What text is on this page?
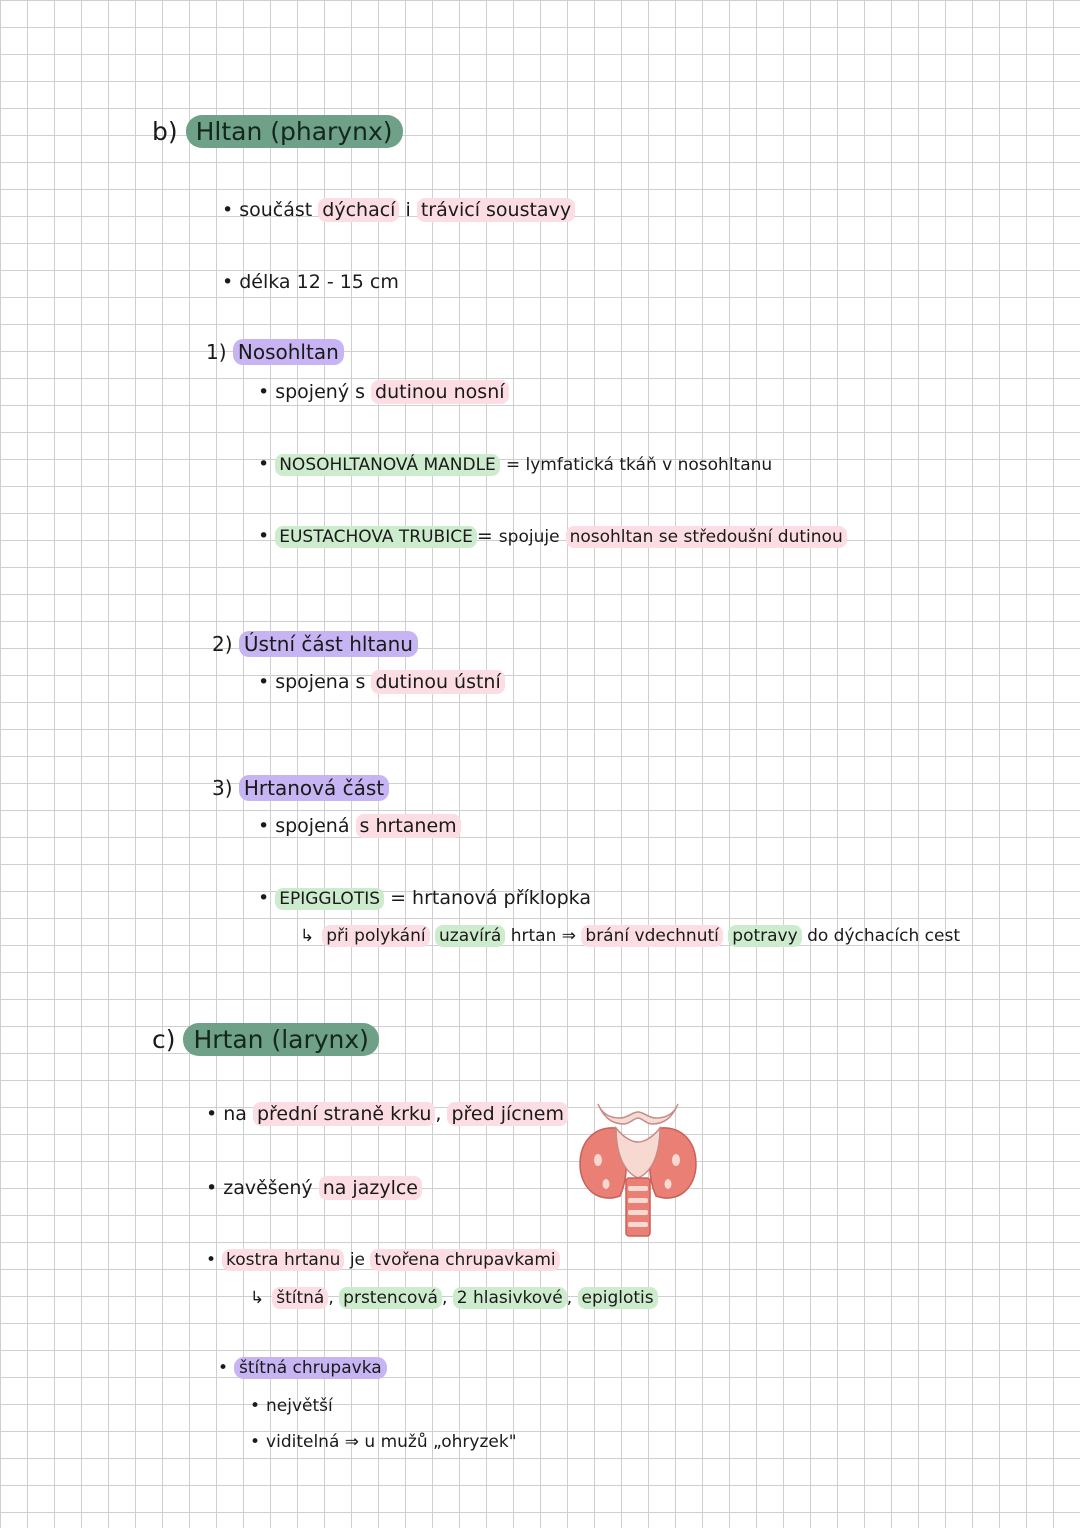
b) Hltan (pharynx)
• součást dýchací i trávicí soustavy
• délka 12 - 15 cm
1) Nosohltan
• spojený s dutinou nosní
• NOSOHLTANOVÁ MANDLE = lymfatická tkáň v nosohltanu
• EUSTACHOVA TRUBICE = spojuje nosohltan se středoušní dutinou
2) Ústní část hltanu
• spojena s dutinou ústní
3) Hrtanová část
• spojená s hrtanem
• EPIGGLOTIS = hrtanová příklopka
↳ při polykání uzavírá hrtan ⇒ brání vdechnutí potravy do dýchacích cest
c) Hrtan (larynx)
• na přední straně krku , před jícnem
• zavěšený na jazylce
• kostra hrtanu je tvořena chrupavkami
↳ štítná , prstencová , 2 hlasivkové , epiglotis
• štítná chrupavka
• největší
• viditelná ⇒ u mužů „ohryzek"
